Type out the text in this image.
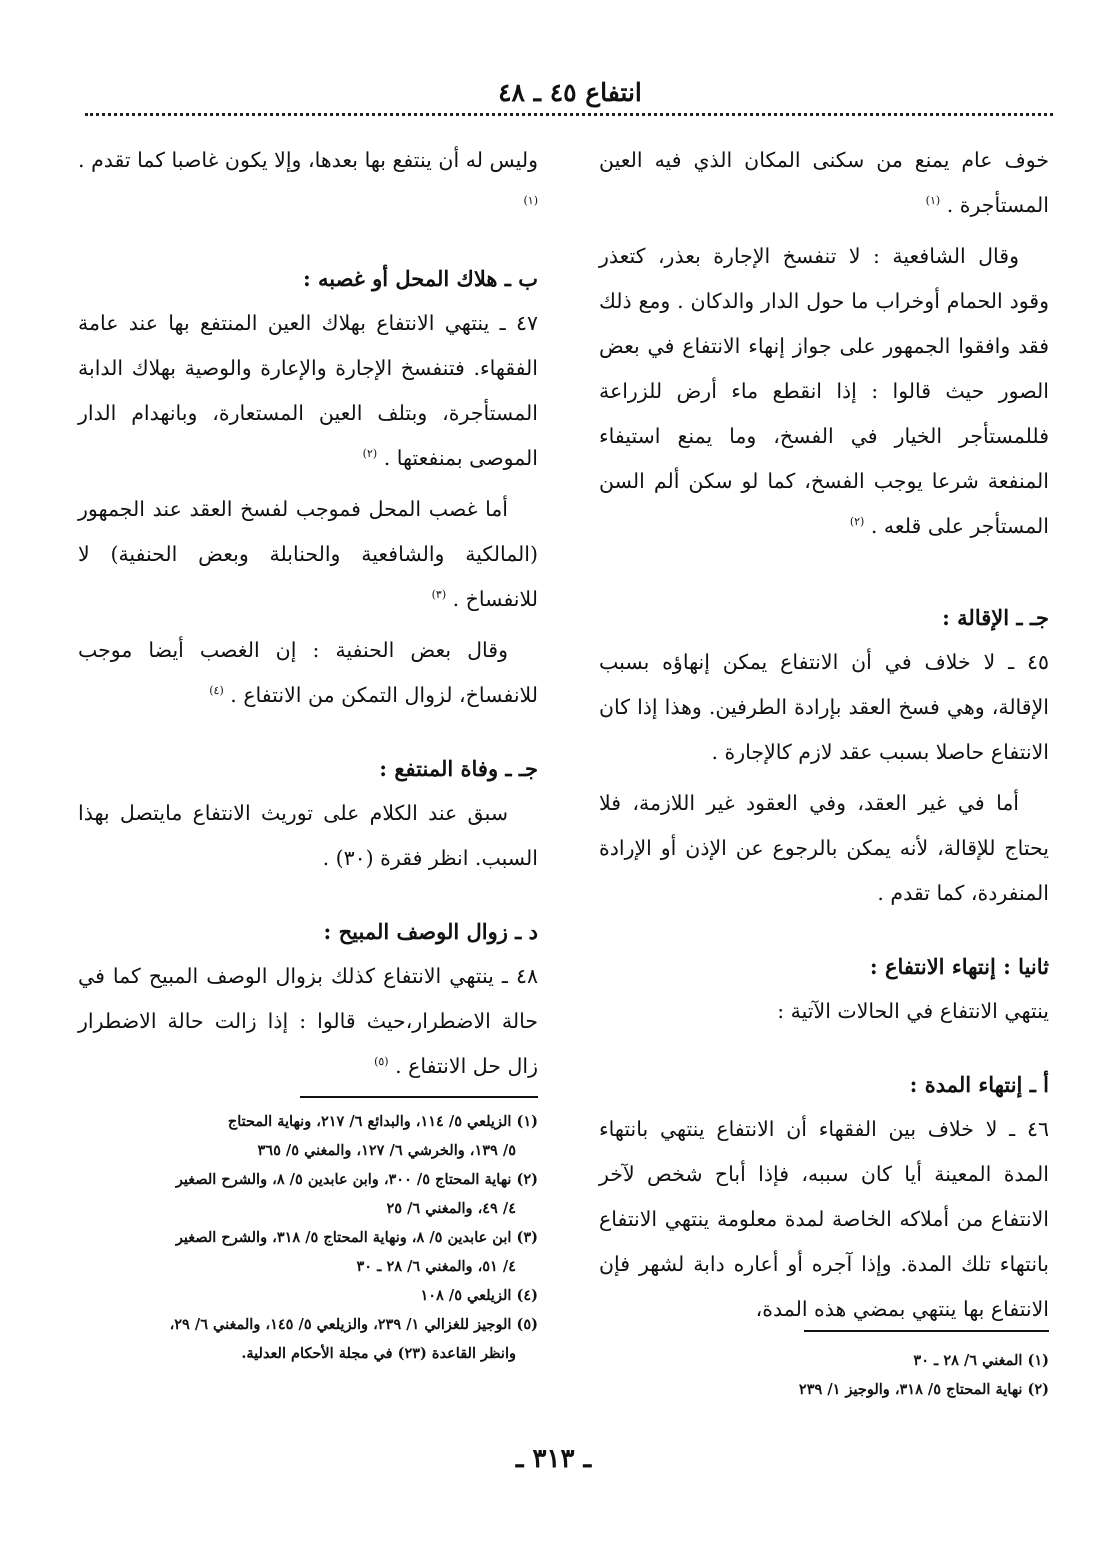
انتفاع ٤٥ ـ ٤٨

خوف عام يمنع من سكنى المكان الذي فيه العين المستأجرة . $^{(١)}$

وقال الشافعية : لا تنفسخ الإجارة بعذر، كتعذر وقود الحمام أوخراب ما حول الدار والدكان . ومع ذلك فقد وافقوا الجمهور على جواز إنهاء الانتفاع في بعض الصور حيث قالوا : إذا انقطع ماء أرض للزراعة فللمستأجر الخيار في الفسخ، وما يمنع استيفاء المنفعة شرعا يوجب الفسخ، كما لو سكن ألم السن المستأجر على قلعه . $^{(٢)}$

جـ ـ الإقالة :

٤٥ ـ لا خلاف في أن الانتفاع يمكن إنهاؤه بسبب الإقالة، وهي فسخ العقد بإرادة الطرفين. وهذا إذا كان الانتفاع حاصلا بسبب عقد لازم كالإجارة .

أما في غير العقد، وفي العقود غير اللازمة، فلا يحتاج للإقالة، لأنه يمكن بالرجوع عن الإذن أو الإرادة المنفردة، كما تقدم .

ثانيا : إنتهاء الانتفاع :

ينتهي الانتفاع في الحالات الآتية :

أ ـ إنتهاء المدة :

٤٦ ـ لا خلاف بين الفقهاء أن الانتفاع ينتهي بانتهاء المدة المعينة أيا كان سببه، فإذا أباح شخص لآخر الانتفاع من أملاكه الخاصة لمدة معلومة ينتهي الانتفاع بانتهاء تلك المدة. وإذا آجره أو أعاره دابة لشهر فإن الانتفاع بها ينتهي بمضي هذه المدة،

(١) المغني ٦/ ٢٨ ـ ٣٠
(٢) نهاية المحتاج ٥/ ٣١٨، والوجيز ١/ ٢٣٩

وليس له أن ينتفع بها بعدها، وإلا يكون غاصبا كما تقدم . $^{(١)}$

ب ـ هلاك المحل أو غصبه :

٤٧ ـ ينتهي الانتفاع بهلاك العين المنتفع بها عند عامة الفقهاء. فتنفسخ الإجارة والإعارة والوصية بهلاك الدابة المستأجرة، وبتلف العين المستعارة، وبانهدام الدار الموصى بمنفعتها . $^{(٢)}$

أما غصب المحل فموجب لفسخ العقد عند الجمهور (المالكية والشافعية والحنابلة وبعض الحنفية) لا للانفساخ . $^{(٣)}$

وقال بعض الحنفية : إن الغصب أيضا موجب للانفساخ، لزوال التمكن من الانتفاع . $^{(٤)}$

جـ ـ وفاة المنتفع :

سبق عند الكلام على توريث الانتفاع مايتصل بهذا السبب. انظر فقرة (٣٠) .

د ـ زوال الوصف المبيح :

٤٨ ـ ينتهي الانتفاع كذلك بزوال الوصف المبيح كما في حالة الاضطرار،حيث قالوا : إذا زالت حالة الاضطرار زال حل الانتفاع . $^{(٥)}$

(١) الزيلعي ٥/ ١١٤، والبدائع ٦/ ٢١٧، ونهاية المحتاج
٥/ ١٣٩، والخرشي ٦/ ١٢٧، والمغني ٥/ ٣٦٥
(٢) نهاية المحتاج ٥/ ٣٠٠، وابن عابدين ٥/ ٨، والشرح الصغير
٤/ ٤٩، والمغني ٦/ ٢٥
(٣) ابن عابدين ٥/ ٨، ونهاية المحتاج ٥/ ٣١٨، والشرح الصغير
٤/ ٥١، والمغني ٦/ ٢٨ ـ ٣٠
(٤) الزيلعي ٥/ ١٠٨
(٥) الوجيز للغزالي ١/ ٢٣٩، والزيلعي ٥/ ١٤٥، والمغني ٦/ ٢٩،
وانظر القاعدة (٢٣) في مجلة الأحكام العدلية.
ـ ٣١٣ ـ
